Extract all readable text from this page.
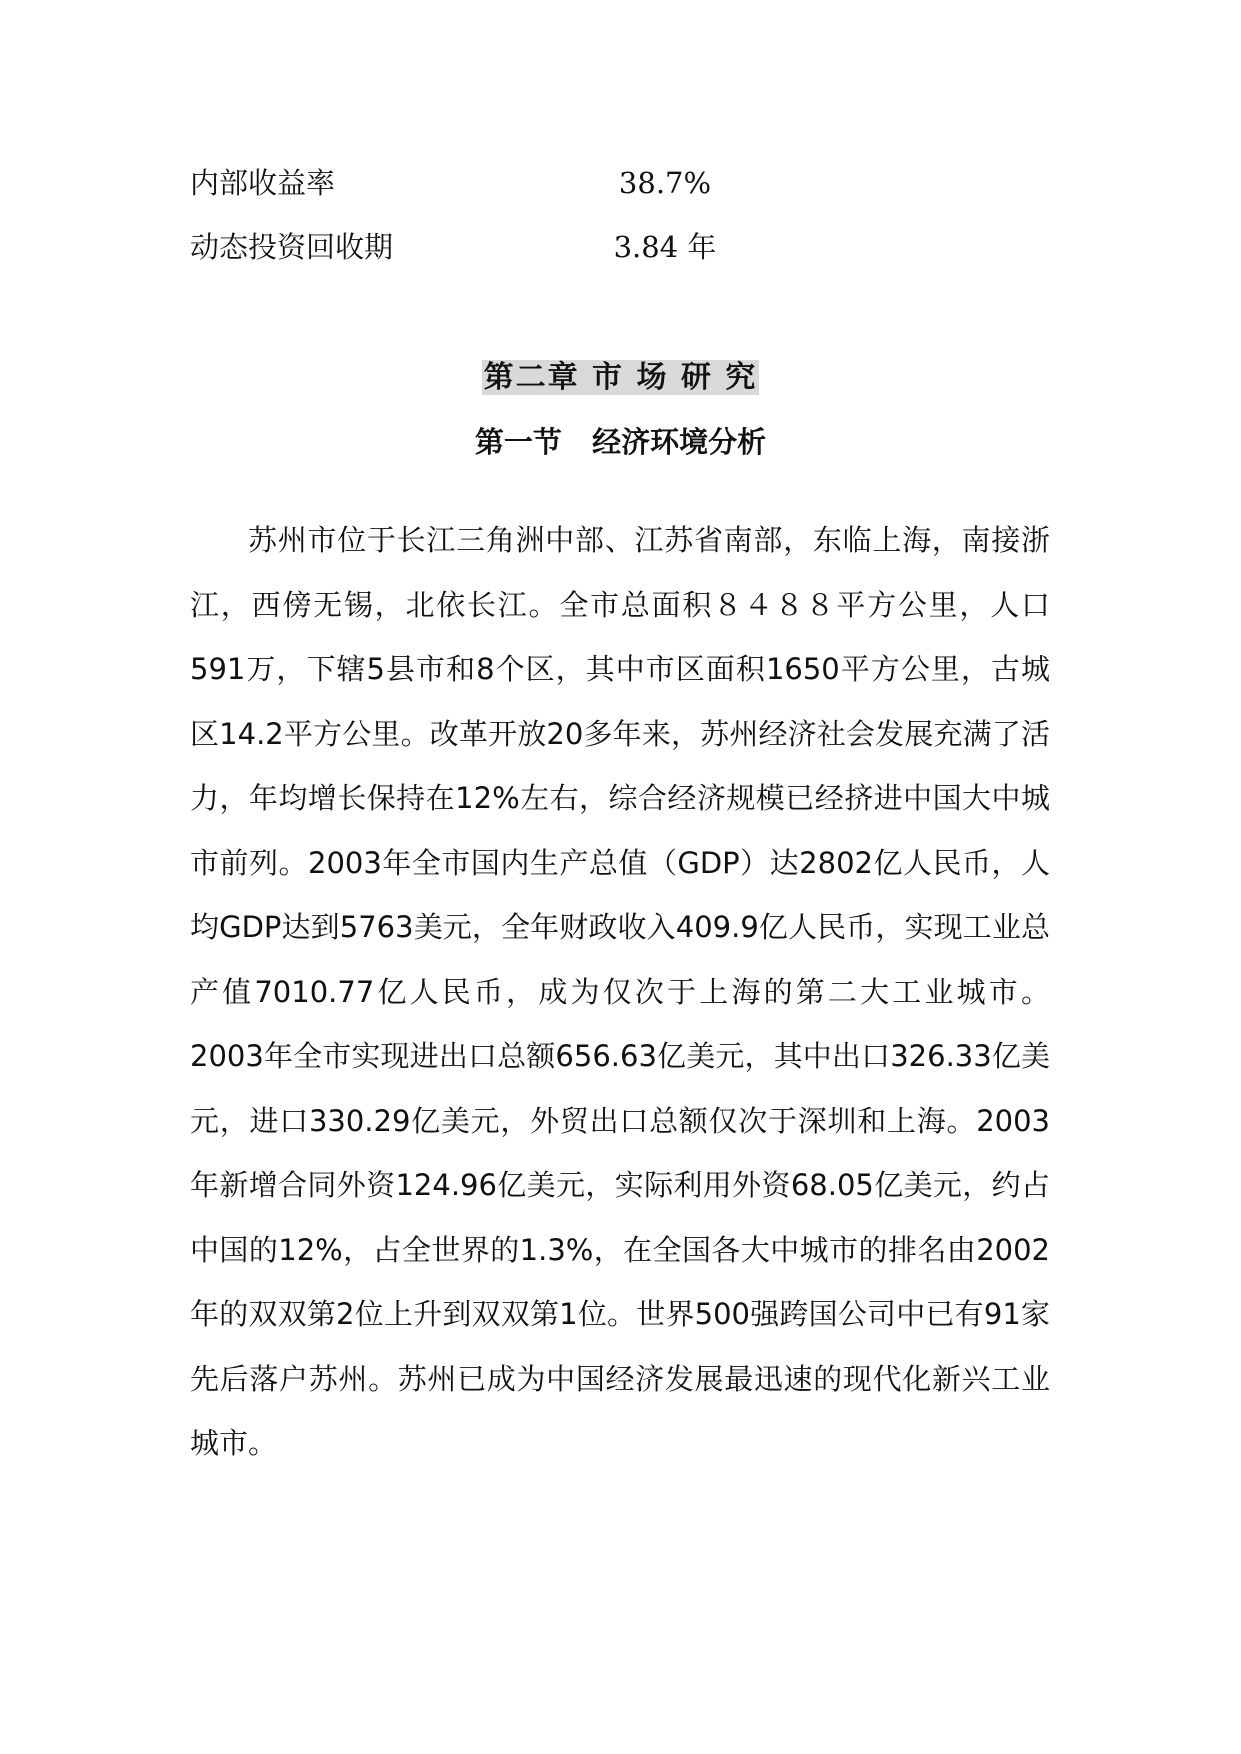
内部收益率	38.7%
动态投资回收期	3.84 年
第二章 市 场 研 究
第一节   经济环境分析

苏州市位于长江三角洲中部、江苏省南部，东临上海，南接浙江，西傍无锡，北依长江。全市总面积８４８８平方公里，人口591万，下辖5县市和8个区，其中市区面积1650平方公里，古城区14.2平方公里。改革开放20多年来，苏州经济社会发展充满了活力，年均增长保持在12%左右，综合经济规模已经挤进中国大中城市前列。2003年全市国内生产总值（GDP）达2802亿人民币，人均GDP达到5763美元，全年财政收入409.9亿人民币，实现工业总产值7010.77亿人民币，成为仅次于上海的第二大工业城市。2003年全市实现进出口总额656.63亿美元，其中出口326.33亿美元，进口330.29亿美元，外贸出口总额仅次于深圳和上海。2003年新增合同外资124.96亿美元，实际利用外资68.05亿美元，约占中国的12%，占全世界的1.3%，在全国各大中城市的排名由2002年的双双第2位上升到双双第1位。世界500强跨国公司中已有91家先后落户苏州。苏州已成为中国经济发展最迅速的现代化新兴工业城市。
